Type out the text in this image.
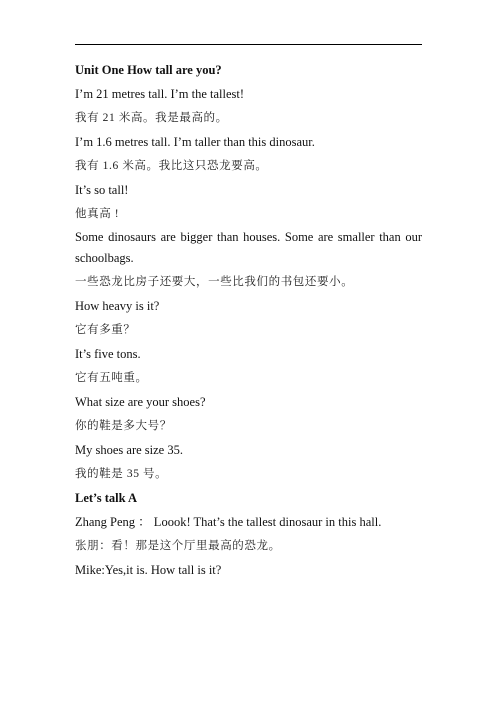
Unit One How tall are you?
I’m 21 metres tall. I’m the tallest!
我有 21 米高。我是最高的。
I’m 1.6 metres tall. I’m taller than this dinosaur.
我有 1.6 米高。我比这只恐龙要高。
It’s so tall!
他真高 !
Some dinosaurs are bigger than houses. Some are smaller than our schoolbags.
一些恐龙比房子还要大，一些比我们的书包还要小。
How heavy is it?
它有多重？
It’s five tons.
它有五吨重。
What size are your shoes?
你的鞋是多大号？
My shoes are size 35.
我的鞋是 35 号。
Let’s talk A
Zhang Peng ： Loook! That’s the tallest dinosaur in this hall.
张朋：看！那是这个厅里最高的恐龙。
Mike:Yes,it is. How tall is it?
